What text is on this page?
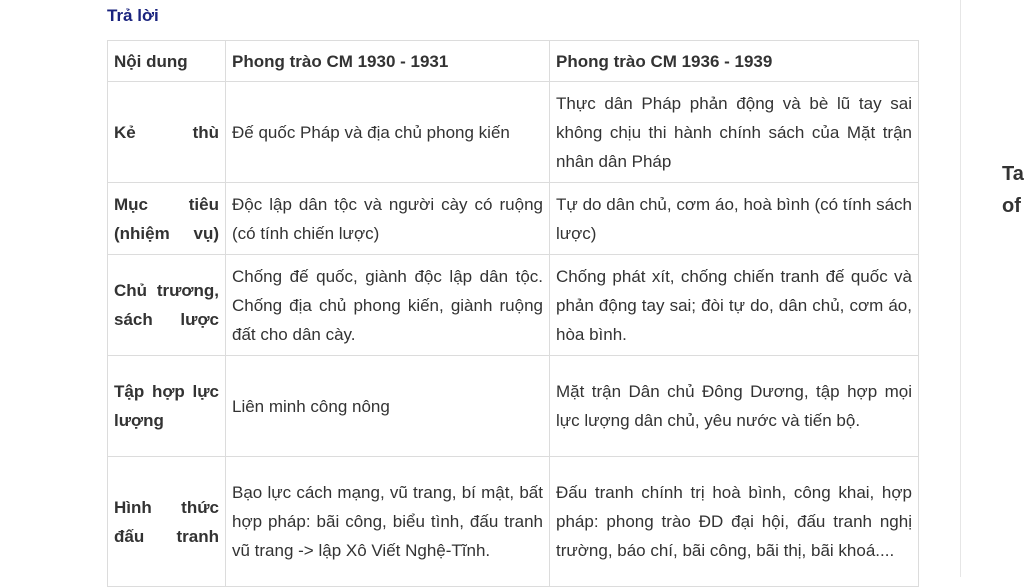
Trả lời
Nội dung	Phong trào CM 1930 - 1931	Phong trào CM 1936 - 1939
Kẻ thù	Đế quốc Pháp và địa chủ phong kiến	Thực dân Pháp phản động và bè lũ tay sai không chịu thi hành chính sách của Mặt trận nhân dân Pháp
Mục tiêu (nhiệm vụ)	Độc lập dân tộc và người cày có ruộng (có tính chiến lược)	Tự do dân chủ, cơm áo, hoà bình (có tính sách lược)
Chủ trương, sách lược	Chống đế quốc, giành độc lập dân tộc. Chống địa chủ phong kiến, giành ruộng đất cho dân cày.	Chống phát xít, chống chiến tranh đế quốc và phản động tay sai; đòi tự do, dân chủ, cơm áo, hòa bình.
Tập hợp lực lượng	Liên minh công nông	Mặt trận Dân chủ Đông Dương, tập hợp mọi lực lượng dân chủ, yêu nước và tiến bộ.
Hình thức đấu tranh	Bạo lực cách mạng, vũ trang, bí mật, bất hợp pháp: bãi công, biểu tình, đấu tranh vũ trang -> lập Xô Viết Nghệ-Tĩnh.	Đấu tranh chính trị hoà bình, công khai, hợp pháp: phong trào ĐD đại hội, đấu tranh nghị trường, báo chí, bãi công, bãi thị, bãi khoá....
Ta
of
